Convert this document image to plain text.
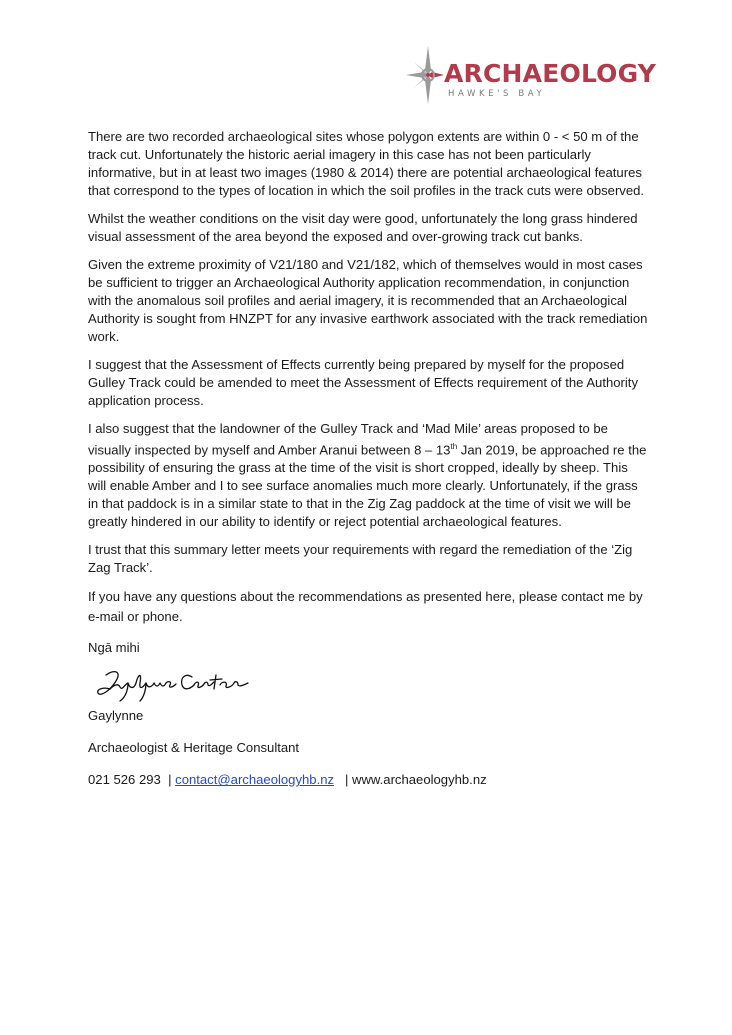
ARCHAEOLOGY
HAWKE'S BAY

There are two recorded archaeological sites whose polygon extents are within 0 - < 50 m of the track cut. Unfortunately the historic aerial imagery in this case has not been particularly informative, but in at least two images (1980 & 2014) there are potential archaeological features that correspond to the types of location in which the soil profiles in the track cuts were observed.

Whilst the weather conditions on the visit day were good, unfortunately the long grass hindered visual assessment of the area beyond the exposed and over-growing track cut banks.

Given the extreme proximity of V21/180 and V21/182, which of themselves would in most cases be sufficient to trigger an Archaeological Authority application recommendation, in conjunction with the anomalous soil profiles and aerial imagery, it is recommended that an Archaeological Authority is sought from HNZPT for any invasive earthwork associated with the track remediation work.

I suggest that the Assessment of Effects currently being prepared by myself for the proposed Gulley Track could be amended to meet the Assessment of Effects requirement of the Authority application process.

I also suggest that the landowner of the Gulley Track and ‘Mad Mile’ areas proposed to be visually inspected by myself and Amber Aranui between 8 – 13th Jan 2019, be approached re the possibility of ensuring the grass at the time of the visit is short cropped, ideally by sheep. This will enable Amber and I to see surface anomalies much more clearly. Unfortunately, if the grass in that paddock is in a similar state to that in the Zig Zag paddock at the time of visit we will be greatly hindered in our ability to identify or reject potential archaeological features.

I trust that this summary letter meets your requirements with regard the remediation of the ‘Zig Zag Track’.

If you have any questions about the recommendations as presented here, please contact me by e-mail or phone.

Ngā mihi

Gaylynne

Archaeologist & Heritage Consultant

021 526 293  | contact@archaeologyhb.nz   | www.archaeologyhb.nz
